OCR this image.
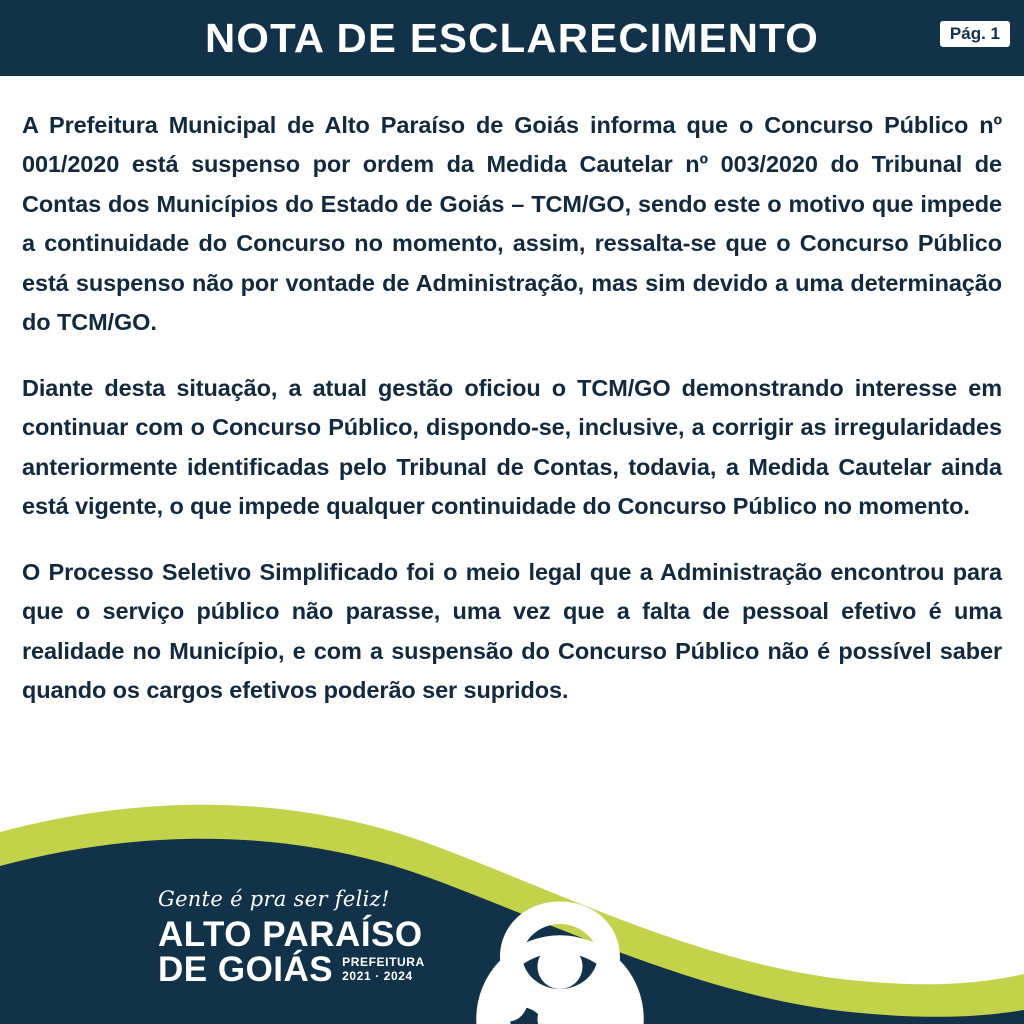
NOTA DE ESCLARECIMENTO	Pág. 1

A Prefeitura Municipal de Alto Paraíso de Goiás informa que o Concurso Público nº 001/2020 está suspenso por ordem da Medida Cautelar nº 003/2020 do Tribunal de Contas dos Municípios do Estado de Goiás – TCM/GO, sendo este o motivo que impede a continuidade do Concurso no momento, assim, ressalta-se que o Concurso Público está suspenso não por vontade de Administração, mas sim devido a uma determinação do TCM/GO.

Diante desta situação, a atual gestão oficiou o TCM/GO demonstrando interesse em continuar com o Concurso Público, dispondo-se, inclusive, a corrigir as irregularidades anteriormente identificadas pelo Tribunal de Contas, todavia, a Medida Cautelar ainda está vigente, o que impede qualquer continuidade do Concurso Público no momento.

O Processo Seletivo Simplificado foi o meio legal que a Administração encontrou para que o serviço público não parasse, uma vez que a falta de pessoal efetivo é uma realidade no Município, e com a suspensão do Concurso Público não é possível saber quando os cargos efetivos poderão ser supridos.

Gente é pra ser feliz!
ALTO PARAÍSO
DE GOIÁS PREFEITURA
2021 · 2024
